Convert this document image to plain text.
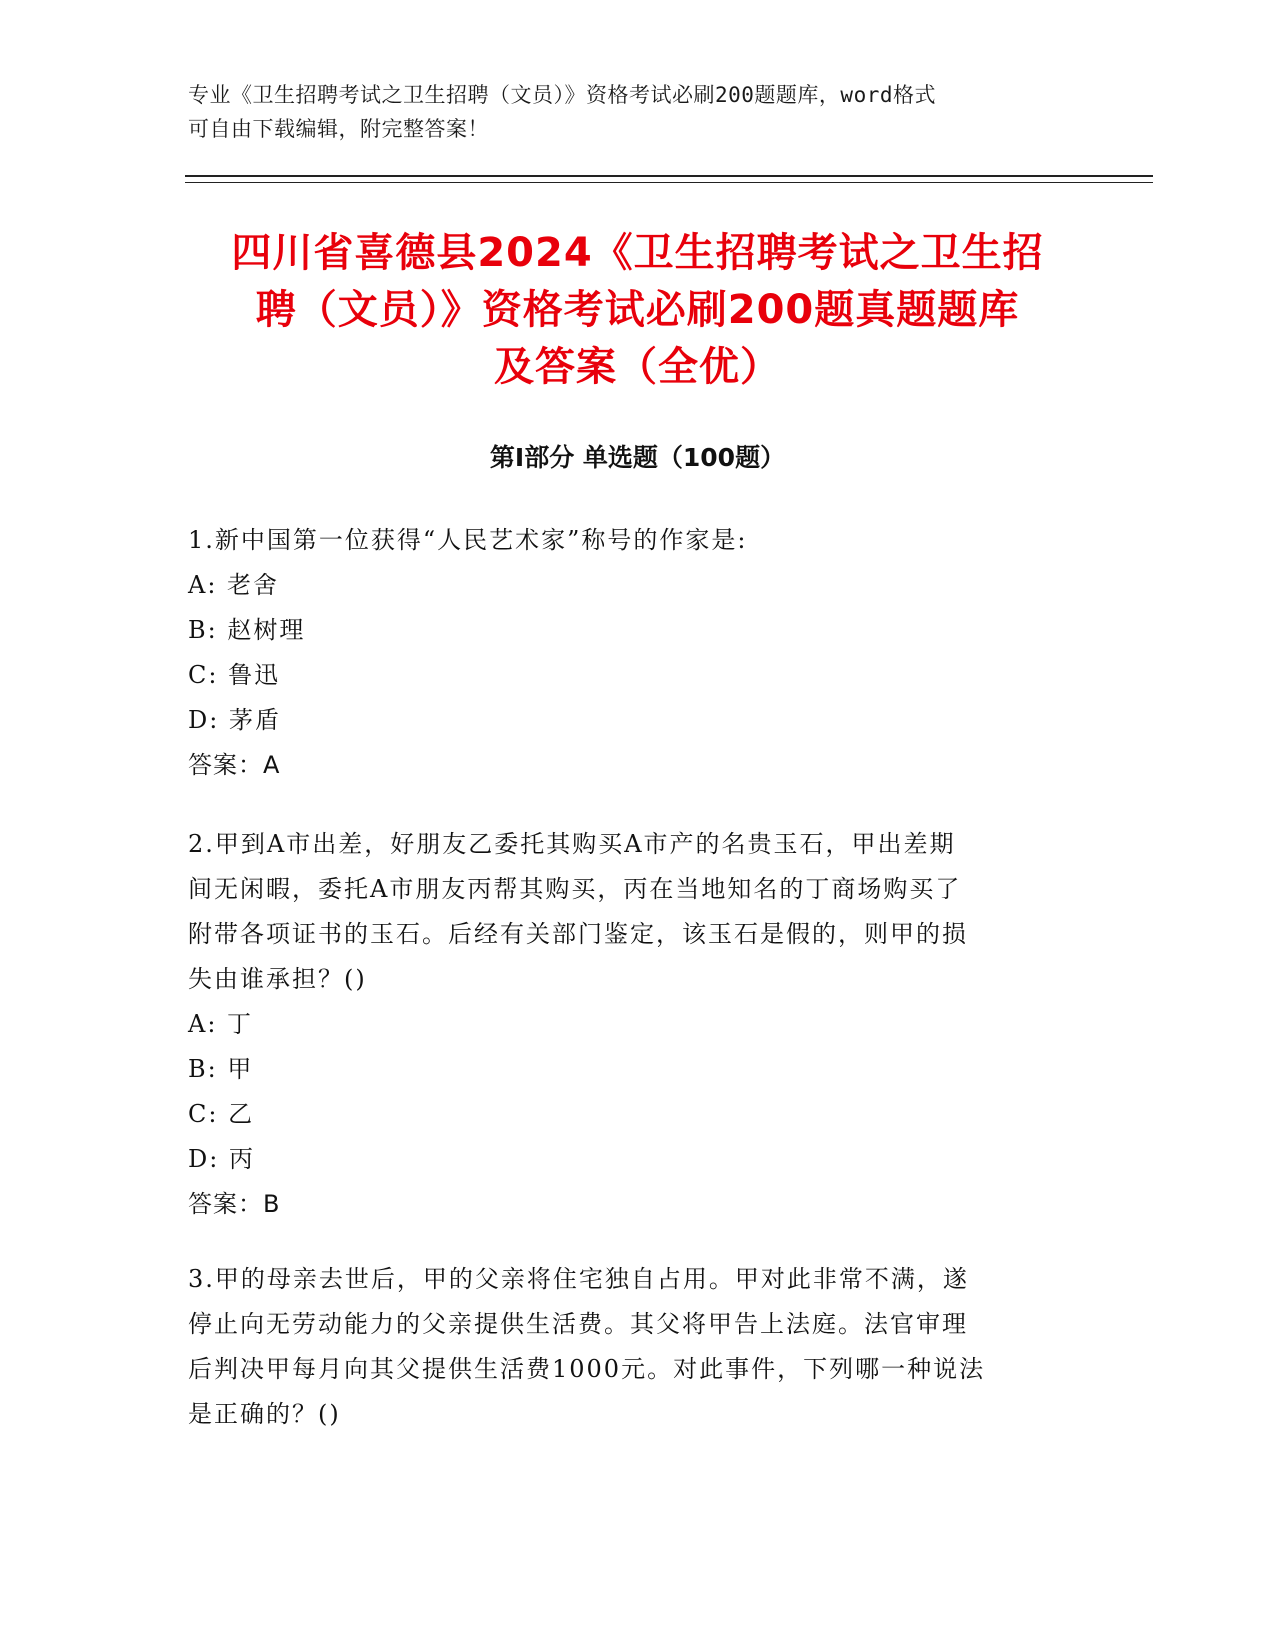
专业《卫生招聘考试之卫生招聘（文员）》资格考试必刷200题题库，word格式
可自由下载编辑，附完整答案！
四川省喜德县2024《卫生招聘考试之卫生招
聘（文员）》资格考试必刷200题真题题库
及答案（全优）
第Ⅰ部分 单选题（100题）

1.新中国第一位获得“人民艺术家”称号的作家是:

A: 老舍

B: 赵树理

C: 鲁迅

D: 茅盾

答案：A

2.甲到A市出差，好朋友乙委托其购买A市产的名贵玉石，甲出差期

间无闲暇，委托A市朋友丙帮其购买，丙在当地知名的丁商场购买了

附带各项证书的玉石。后经有关部门鉴定，该玉石是假的，则甲的损

失由谁承担？()

A: 丁

B: 甲

C: 乙

D: 丙

答案：B

3.甲的母亲去世后，甲的父亲将住宅独自占用。甲对此非常不满，遂

停止向无劳动能力的父亲提供生活费。其父将甲告上法庭。法官审理

后判决甲每月向其父提供生活费1000元。对此事件，下列哪一种说法

是正确的？()
